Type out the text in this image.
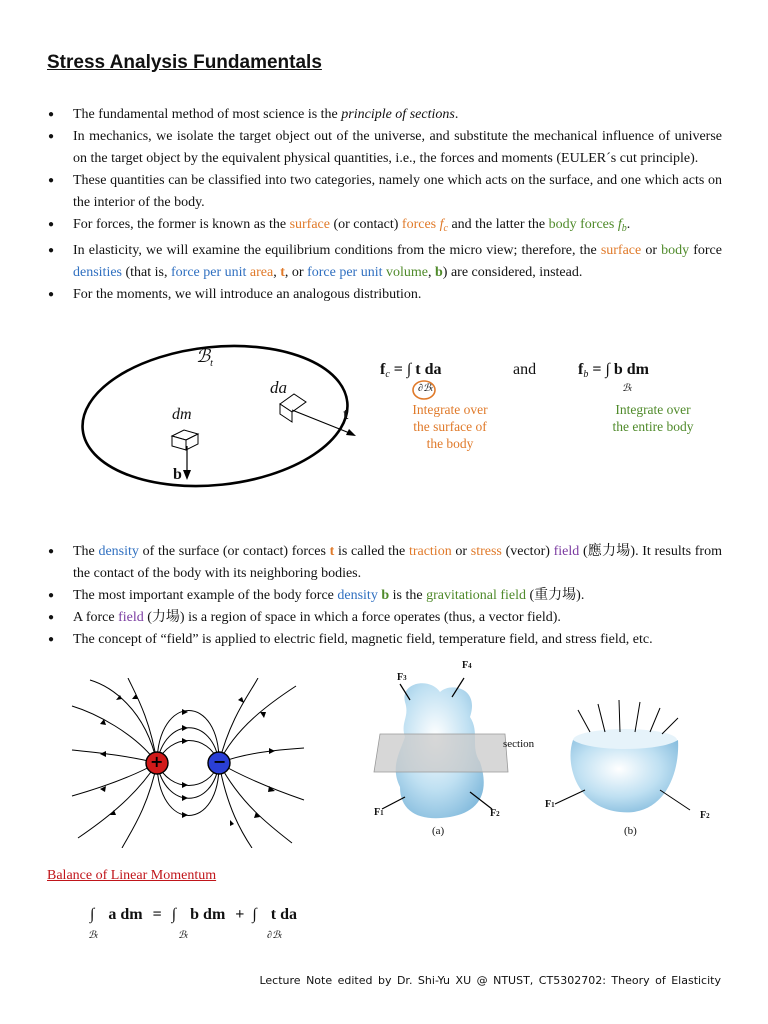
Stress Analysis Fundamentals
● The fundamental method of most science is the principle of sections.
● In mechanics, we isolate the target object out of the universe, and substitute the mechanical influence of universe on the target object by the equivalent physical quantities, i.e., the forces and moments (EULER´s cut principle).
● These quantities can be classified into two categories, namely one which acts on the surface, and one which acts on the interior of the body.
● For forces, the former is known as the surface (or contact) forces $f_c$ and the latter the body forces $f_b$.
● In elasticity, we will examine the equilibrium conditions from the micro view; therefore, the surface or body force densities (that is, force per unit area, t, or force per unit volume, b) are considered, instead.
● For the moments, we will introduce an analogous distribution.
ℬ$_t$
da
dm	t
b
$f_c$ = ∫ t da
∂ℬt
and	$f_b$ = ∫ b dm
ℬt
Integrate over
the surface of
the body
Integrate over
the entire body
● The density of the surface (or contact) forces t is called the traction or stress (vector) field (應力場). It results from the contact of the body with its neighboring bodies.
● The most important example of the body force density b is the gravitational field (重力場).
● A force field (力場) is a region of space in which a force operates (thus, a vector field).
● The concept of “field” is applied to electric field, magnetic field, temperature field, and stress field, etc.
+	−
section
F3
F4
F1	F2
F1
F2
(a)	(b)
Balance of Linear Momentum
∫ a dm = ∫ b dm + ∫ t da
ℬt	ℬt	∂ℬt
Lecture Note edited by Dr. Shi-Yu XU @ NTUST, CT5302702: Theory of Elasticity
